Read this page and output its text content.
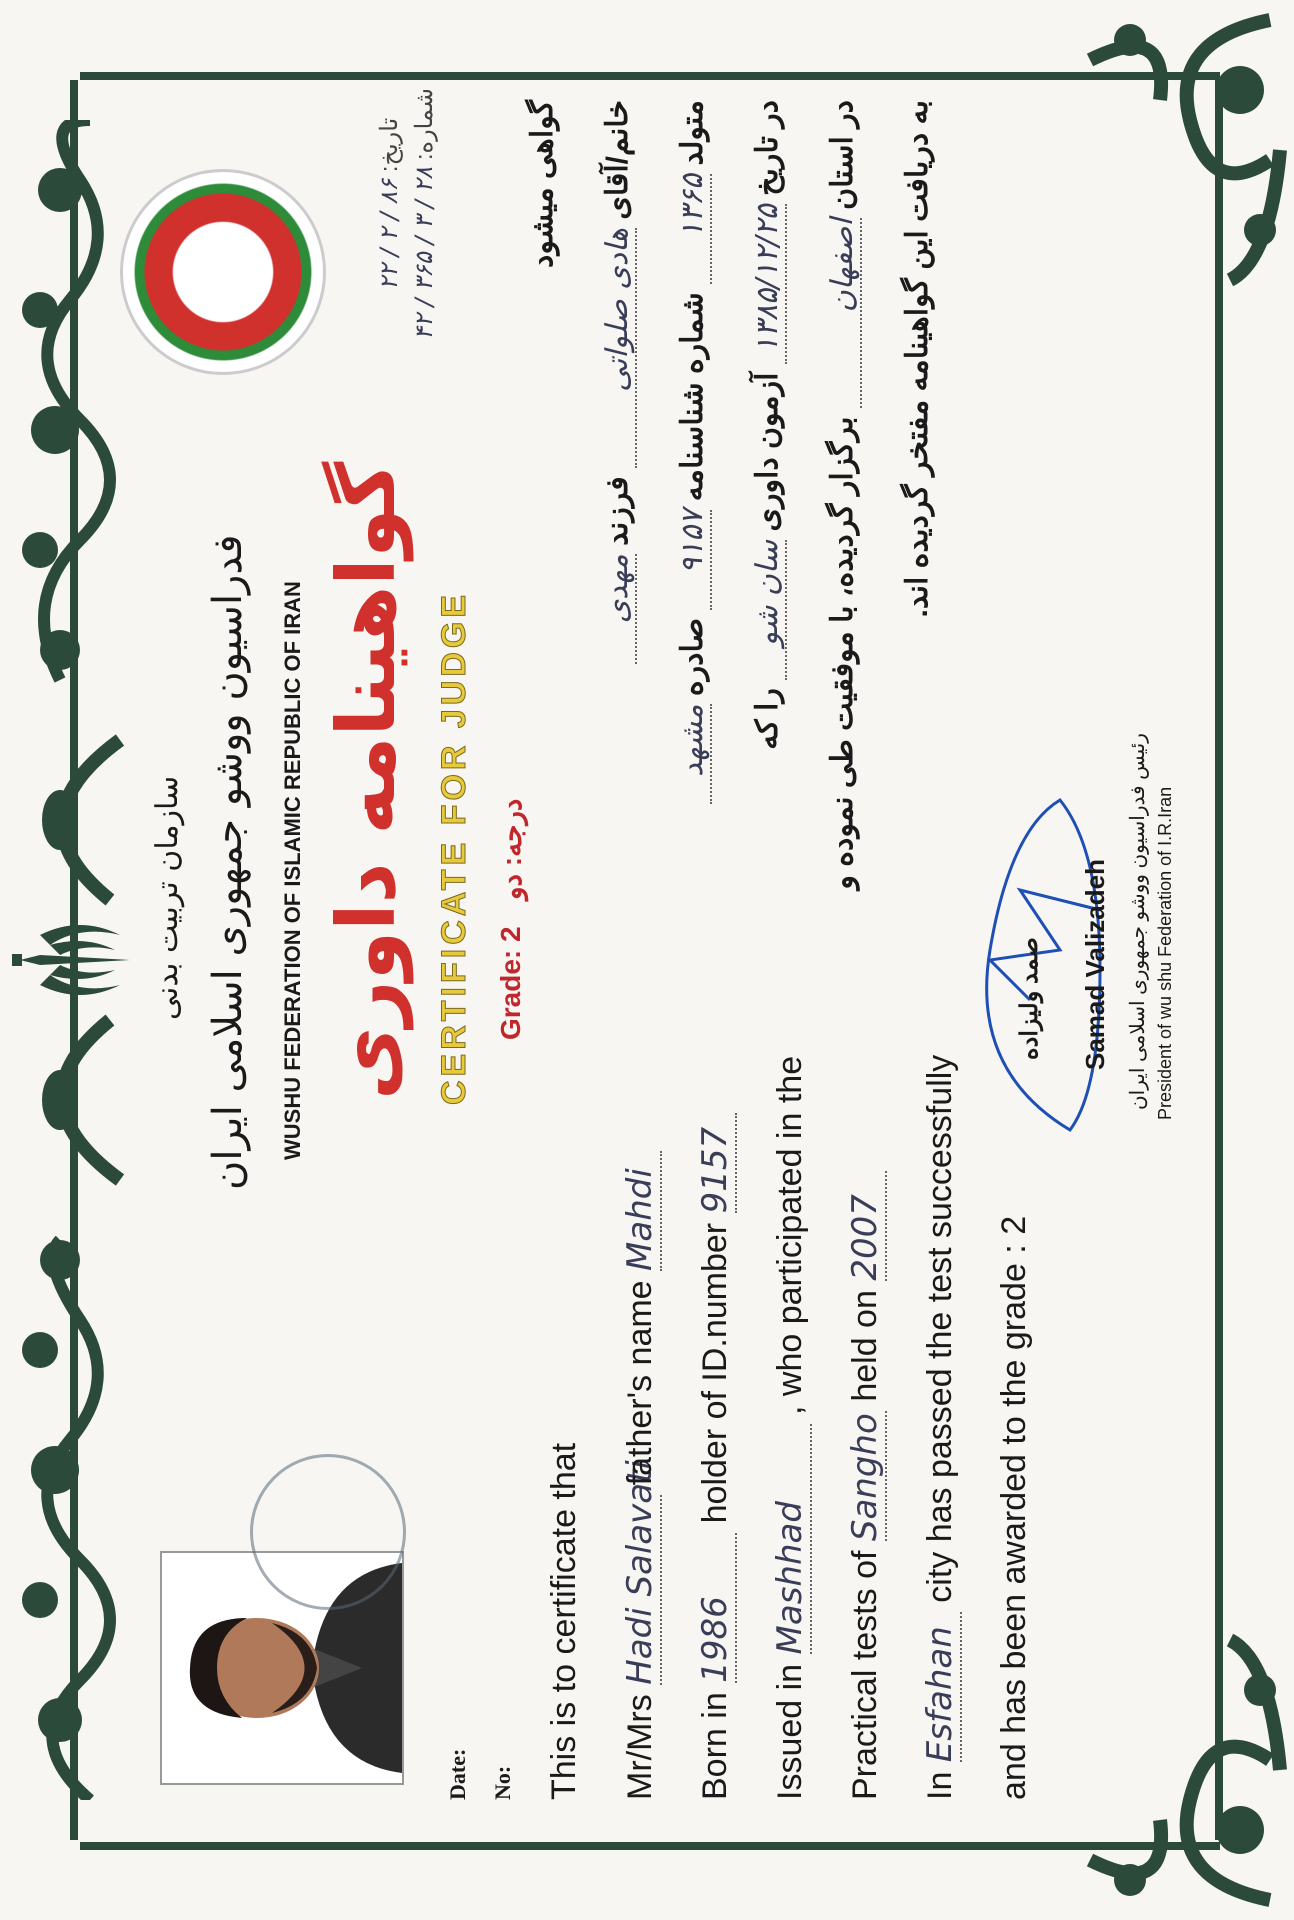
Date: No:
سازمان تربیت بدنی فدراسیون ووشو جمهوری اسلامی ایران WUSHU FEDERATION OF ISLAMIC REPUBLIC OF IRAN گواهینامه داوری CERTIFICATE FOR JUDGE Grade: 2
درجه: دو
تاریخ: ۸۶ / ۲ / ۲۲
شماره: ۲۸ / ۳ / ۳۶۵ / ۴۲
This is to certificate that Mr/Mrs Hadi Salavati father's name Mahdi
Born in 1986 holder of ID.number 9157
Issued in Mashhad , who participated in the
Practical tests of Sangho held on 2007
In Esfahan city has passed the test successfully and has been awarded to the grade : 2
گواهی میشود خانم/آقای هادی صلواتی فرزند مهدی
متولد ۱۳۶۵ شماره شناسنامه ۹۱۵۷ صادره مشهد
در تاریخ ۱۳۸۵/۱۲/۲۵ آزمون داوری سان شو را که
در استان اصفهان برگزار گردیده، با موفقیت طی نموده و
به دریافت این گواهینامه مفتخر گردیده اند.
صمد ولیزاده Samad Valizadeh رئیس فدراسیون ووشو جمهوری اسلامی ایران President of wu shu Federation of I.R.Iran
